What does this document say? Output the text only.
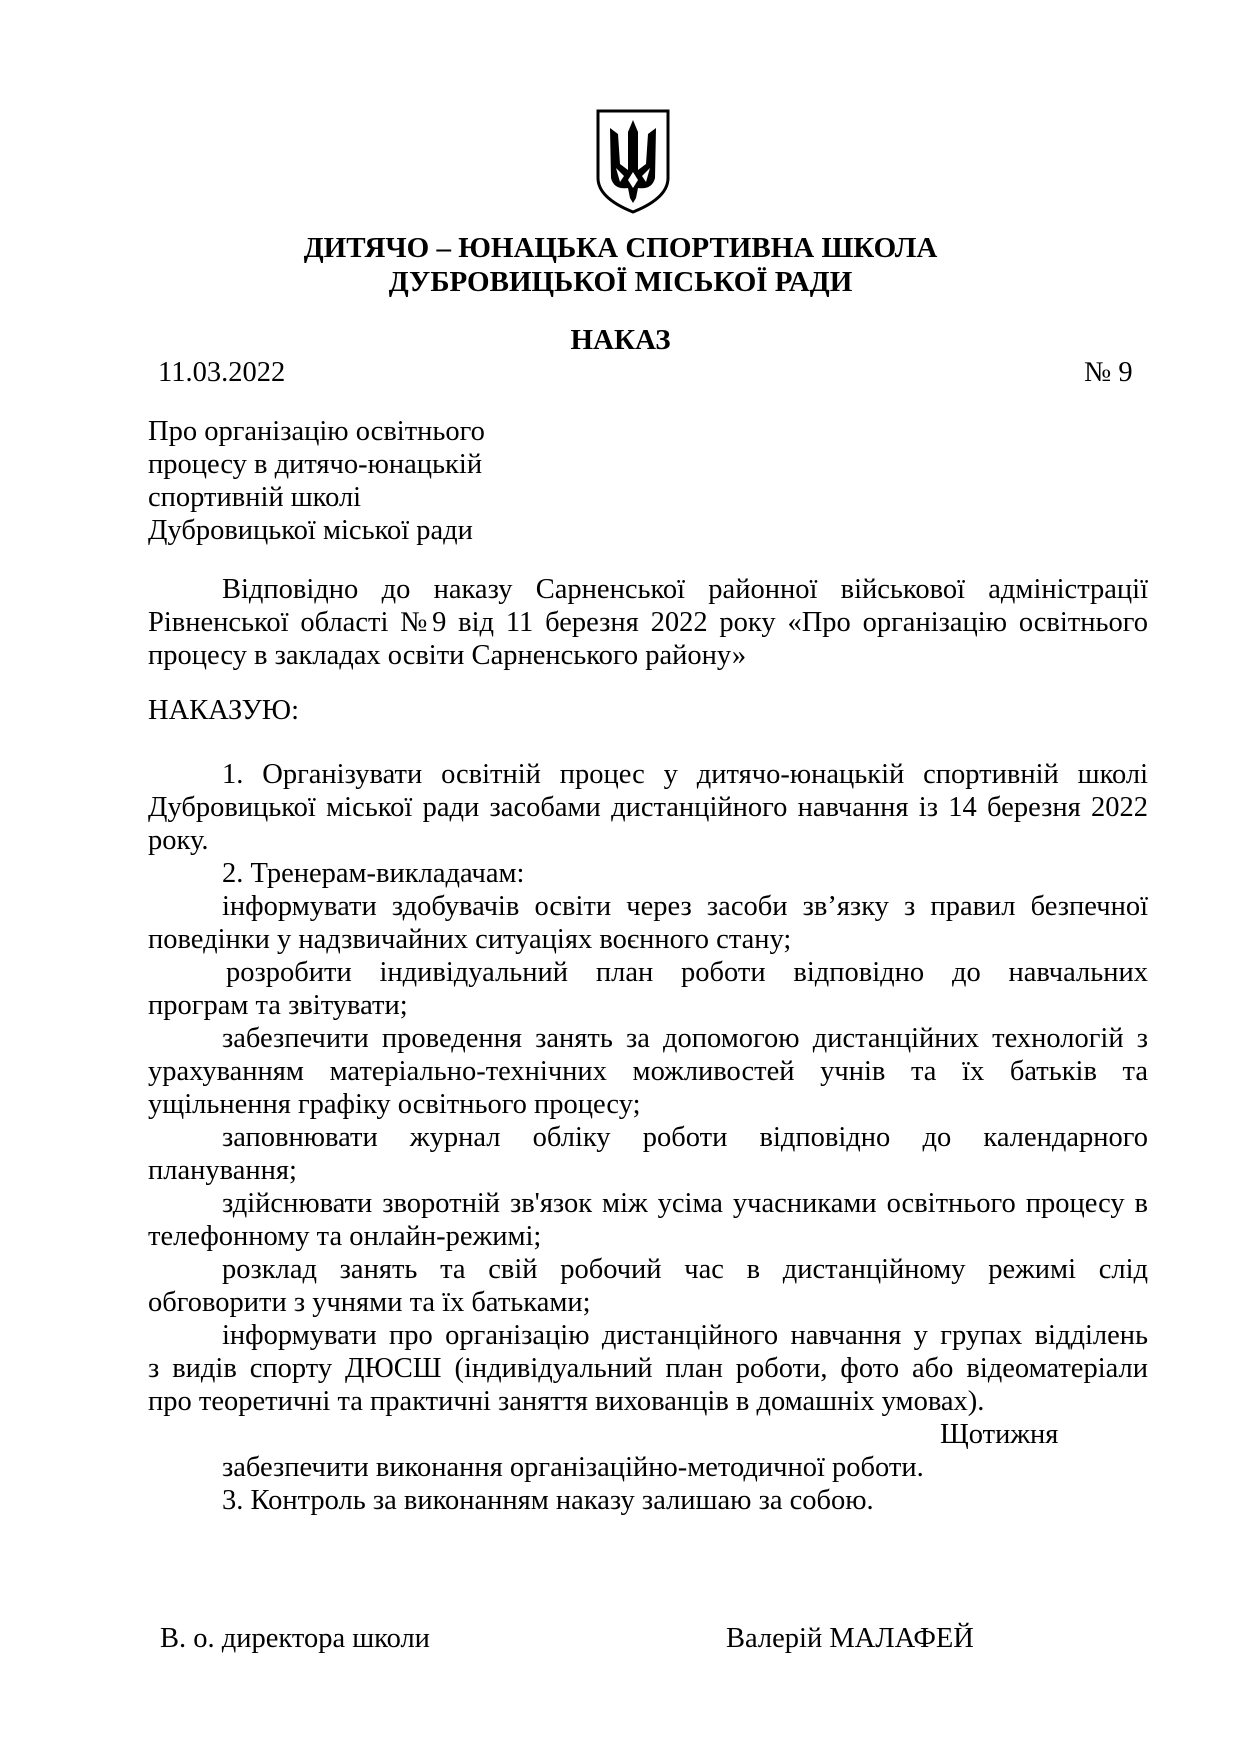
ДИТЯЧО – ЮНАЦЬКА СПОРТИВНА ШКОЛА
ДУБРОВИЦЬКОЇ МІСЬКОЇ РАДИ
НАКАЗ
11.03.2022	№ 9
Про організацію освітнього
процесу в дитячо-юнацькій
спортивній школі
Дубровицької міської ради
Відповідно до наказу Сарненської районної військової адміністрації
Рівненської області №9 від 11 березня 2022 року «Про організацію освітнього
процесу в закладах освіти Сарненського району»
НАКАЗУЮ:
1. Організувати освітній процес у дитячо-юнацькій спортивній школі
Дубровицької міської ради засобами дистанційного навчання із 14 березня 2022
року.
2. Тренерам-викладачам:
інформувати здобувачів освіти через засоби зв’язку з правил безпечної
поведінки у надзвичайних ситуаціях воєнного стану;
розробити індивідуальний план роботи відповідно до навчальних
програм та звітувати;
забезпечити проведення занять за допомогою дистанційних технологій з
урахуванням матеріально-технічних можливостей учнів та їх батьків та
ущільнення графіку освітнього процесу;
заповнювати журнал обліку роботи відповідно до календарного
планування;
здійснювати зворотній зв'язок між усіма учасниками освітнього процесу в
телефонному та онлайн-режимі;
розклад занять та свій робочий час в дистанційному режимі слід
обговорити з учнями та їх батьками;
інформувати про організацію дистанційного навчання у групах відділень
з видів спорту ДЮСШ (індивідуальний план роботи, фото або відеоматеріали
про теоретичні та практичні заняття вихованців в домашніх умовах).
Щотижня
забезпечити виконання організаційно-методичної роботи.
3. Контроль за виконанням наказу залишаю за собою.
В. о. директора школи	Валерій МАЛАФЕЙ
